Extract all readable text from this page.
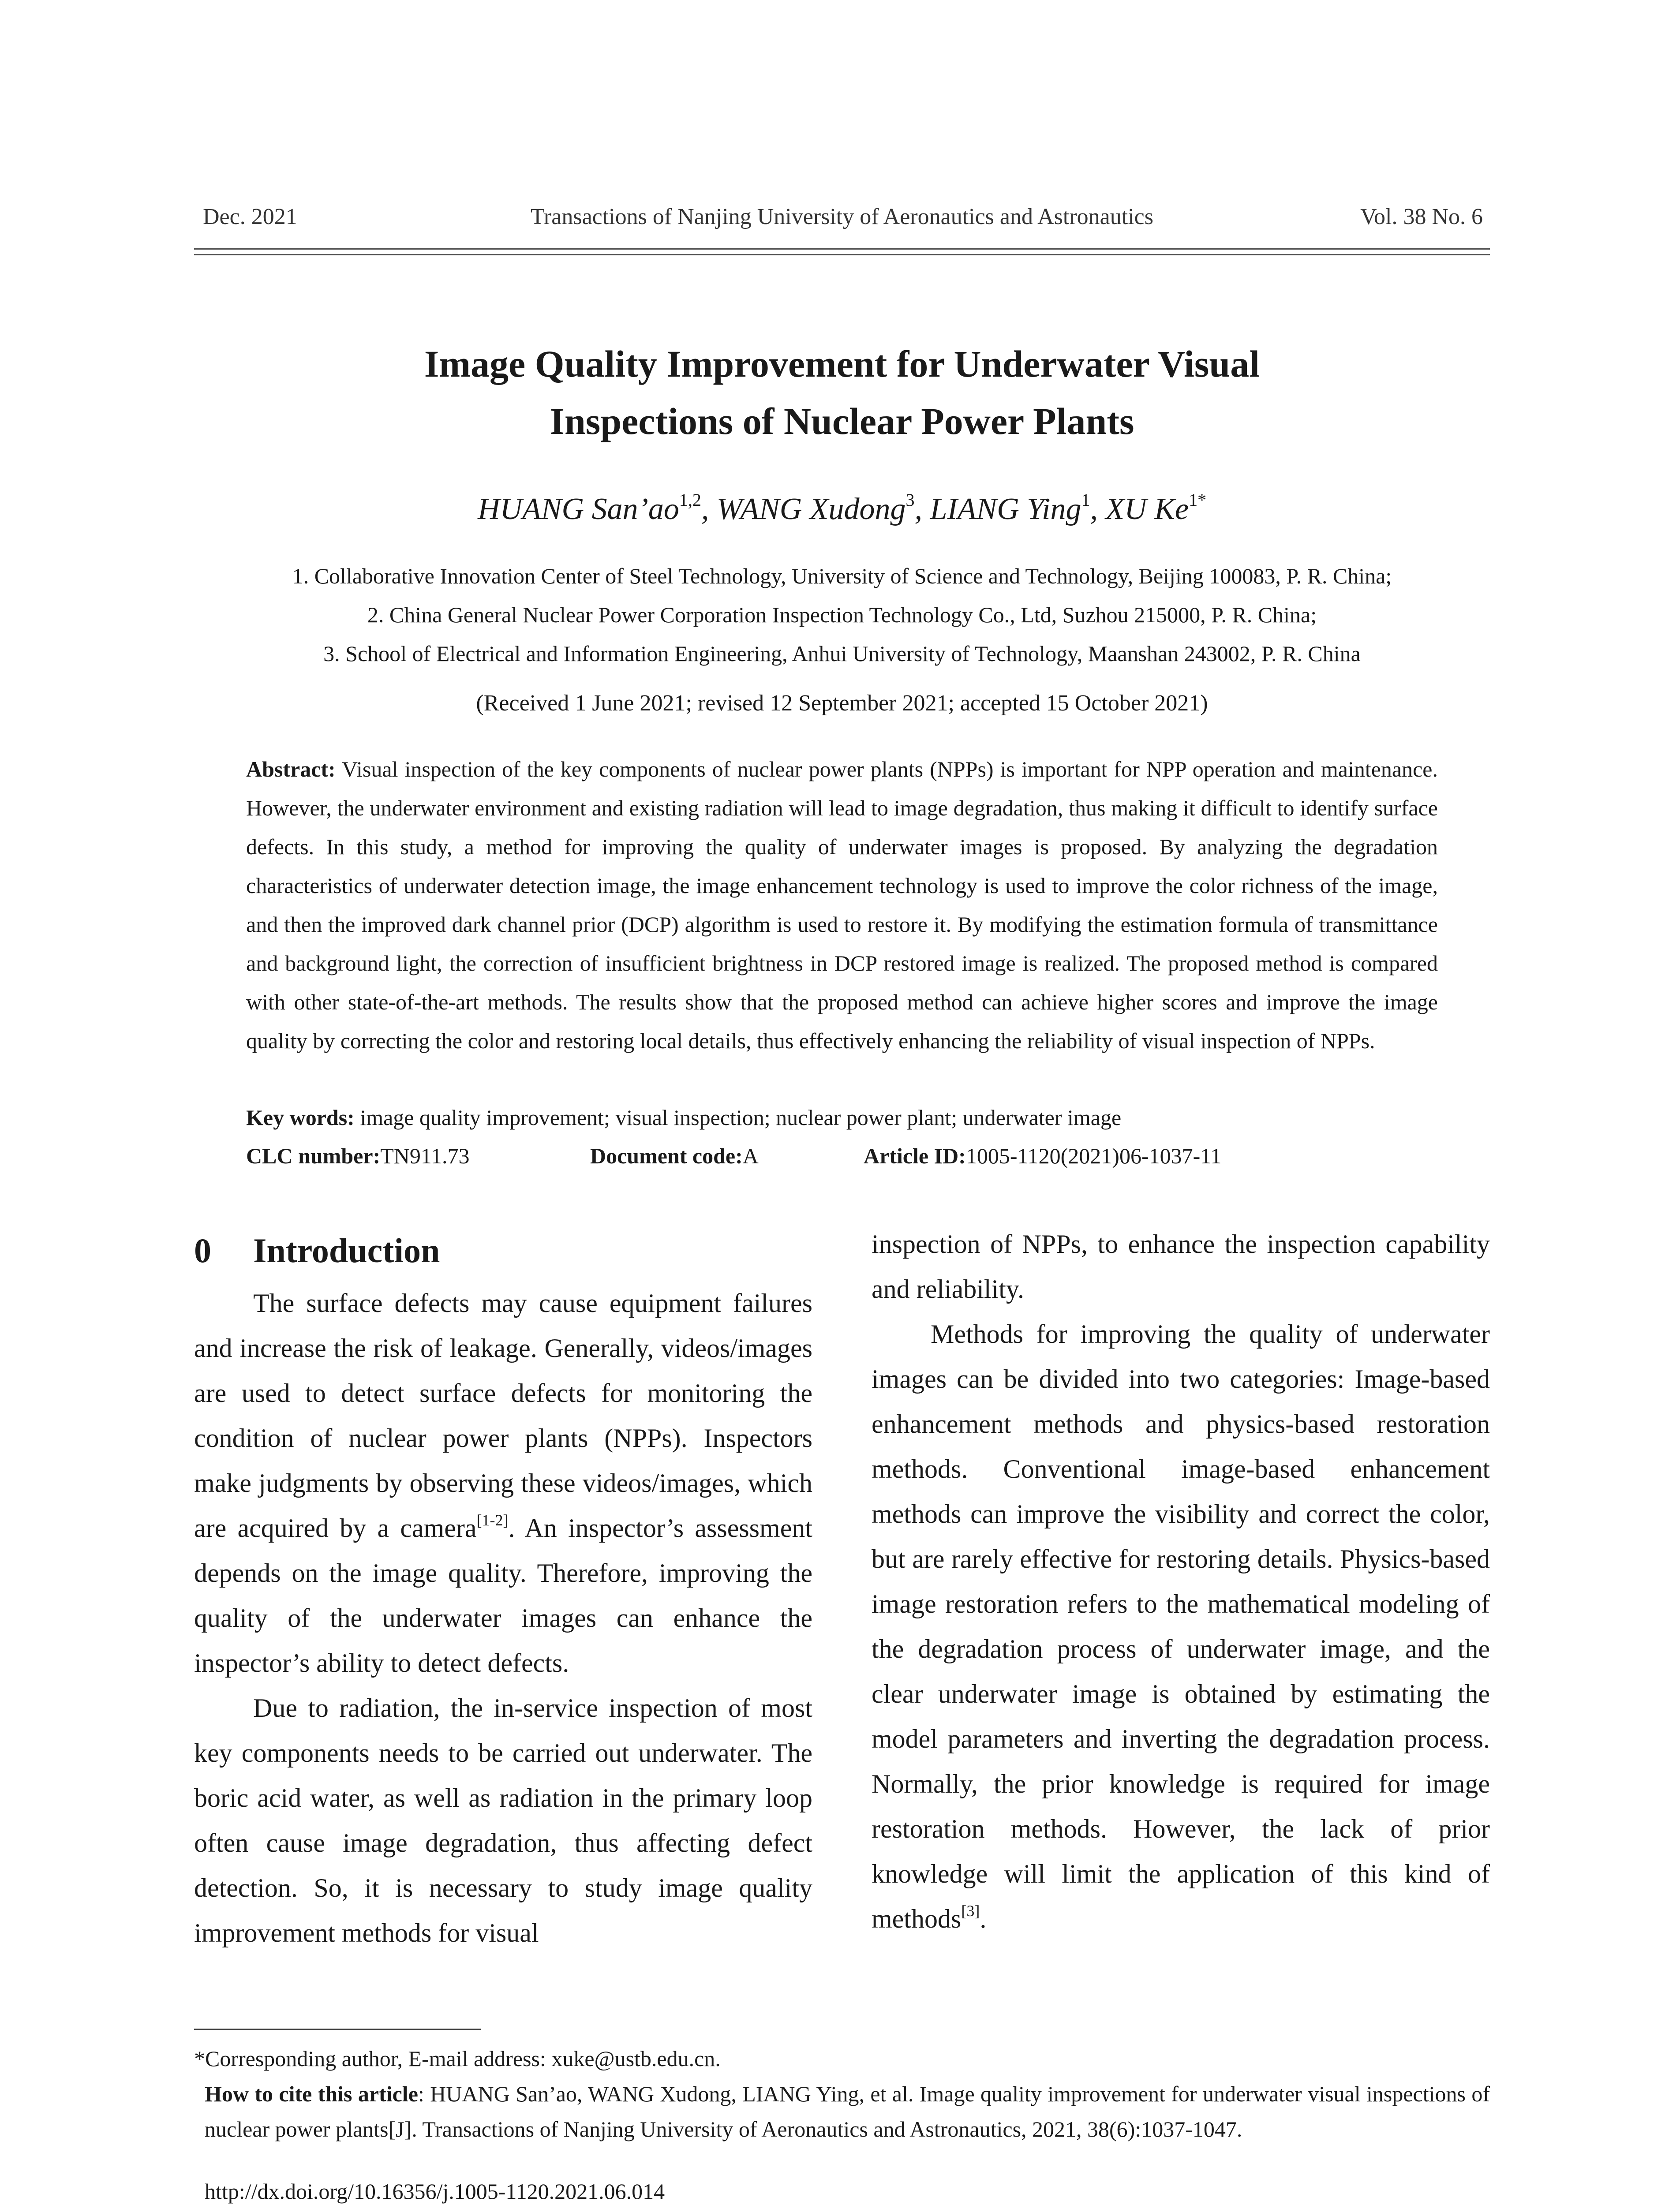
Dec. 2021	Transactions of Nanjing University of Aeronautics and Astronautics	Vol. 38 No. 6
Image Quality Improvement for Underwater Visual
Inspections of Nuclear Power Plants
HUANG San’ao$^{1,2}$, WANG Xudong$^3$, LIANG Ying$^1$, XU $Ke^{1*}$
1. Collaborative Innovation Center of Steel Technology, University of Science and Technology, Beijing 100083, P. R. China;
2. China General Nuclear Power Corporation Inspection Technology Co., Ltd, Suzhou 215000, P. R. China;
3. School of Electrical and Information Engineering, Anhui University of Technology, Maanshan 243002, P. R. China
(Received 1 June 2021; revised 12 September 2021; accepted 15 October 2021)

Abstract: Visual inspection of the key components of nuclear power plants (NPPs) is important for NPP operation and maintenance. However, the underwater environment and existing radiation will lead to image degradation, thus making it difficult to identify surface defects. In this study, a method for improving the quality of underwater images is proposed. By analyzing the degradation characteristics of underwater detection image, the image enhancement technology is used to improve the color richness of the image, and then the improved dark channel prior (DCP) algorithm is used to restore it. By modifying the estimation formula of transmittance and background light, the correction of insufficient brightness in DCP restored image is realized. The proposed method is compared with other state-of-the-art methods. The results show that the proposed method can achieve higher scores and improve the image quality by correcting the color and restoring local details, thus effectively enhancing the reliability of visual inspection of NPPs.

Key words: image quality improvement; visual inspection; nuclear power plant; underwater image
CLC number: TN911.73	Document code: A	Article ID: 1005-1120(2021)06-1037-11
0 Introduction

The surface defects may cause equipment failures and increase the risk of leakage. Generally, videos/images are used to detect surface defects for monitoring the condition of nuclear power plants (NPPs). Inspectors make judgments by observing these videos/images, which are acquired by a camera[1-2]. An inspector’s assessment depends on the image quality. Therefore, improving the quality of the underwater images can enhance the inspector’s ability to detect defects.

Due to radiation, the in-service inspection of most key components needs to be carried out underwater. The boric acid water, as well as radiation in the primary loop often cause image degradation, thus affecting defect detection. So, it is necessary to study image quality improvement methods for visual

inspection of NPPs, to enhance the inspection capability and reliability.

Methods for improving the quality of underwater images can be divided into two categories: Image-based enhancement methods and physics-based restoration methods. Conventional image-based enhancement methods can improve the visibility and correct the color, but are rarely effective for restoring details. Physics-based image restoration refers to the mathematical modeling of the degradation process of underwater image, and the clear underwater image is obtained by estimating the model parameters and inverting the degradation process. Normally, the prior knowledge is required for image restoration methods. However, the lack of prior knowledge will limit the application of this kind of methods[3].

*Corresponding author, E-mail address: xuke@ustb.edu.cn.

How to cite this article: HUANG San’ao, WANG Xudong, LIANG Ying, et al. Image quality improvement for underwater visual inspections of nuclear power plants[J]. Transactions of Nanjing University of Aeronautics and Astronautics, 2021, 38(6):1037-1047.

http://dx.doi.org/10.16356/j.1005-1120.2021.06.014
